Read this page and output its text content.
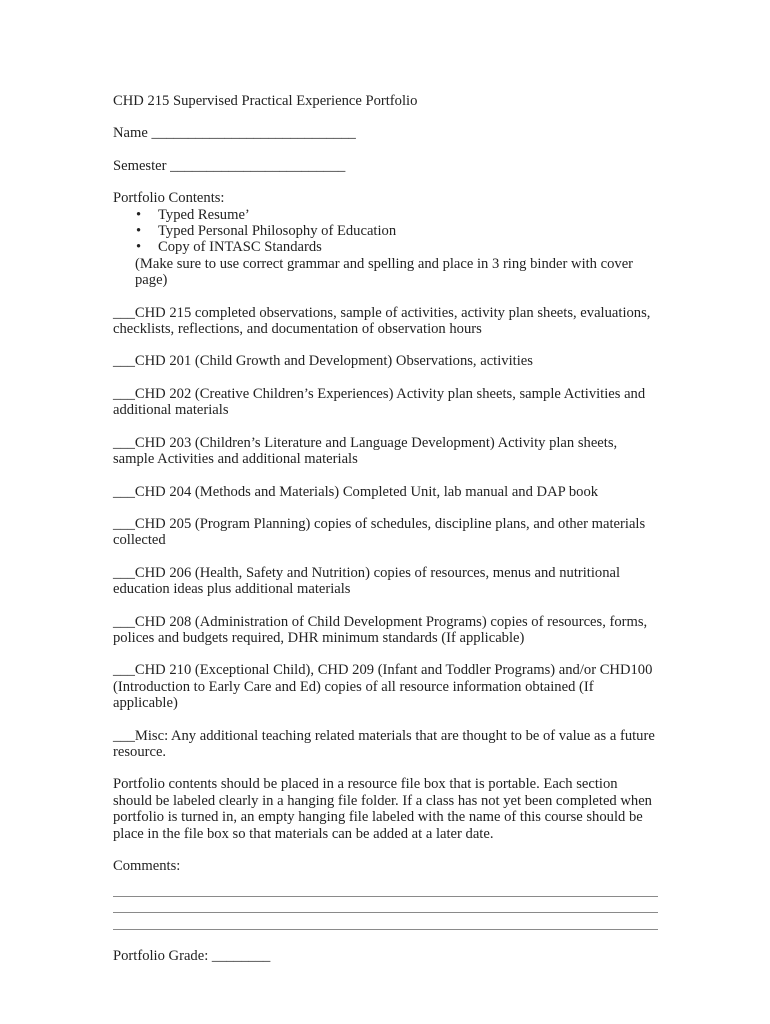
CHD 215 Supervised Practical Experience Portfolio
Name ____________________________
Semester ________________________
Portfolio Contents:
• Typed Resume’
• Typed Personal Philosophy of Education
• Copy of INTASC Standards
(Make sure to use correct grammar and spelling and place in 3 ring binder with cover page)
___CHD 215 completed observations, sample of activities, activity plan sheets, evaluations, checklists, reflections, and documentation of observation hours
___CHD 201 (Child Growth and Development) Observations, activities
___CHD 202 (Creative Children’s Experiences) Activity plan sheets, sample Activities and additional materials
___CHD 203 (Children’s Literature and Language Development) Activity plan sheets, sample Activities and additional materials
___CHD 204 (Methods and Materials) Completed Unit, lab manual and DAP book
___CHD 205 (Program Planning) copies of schedules, discipline plans, and other materials collected
___CHD 206 (Health, Safety and Nutrition) copies of resources, menus and nutritional education ideas plus additional materials
___CHD 208 (Administration of Child Development Programs) copies of resources, forms, polices and budgets required, DHR minimum standards (If applicable)
___CHD 210 (Exceptional Child), CHD 209 (Infant and Toddler Programs) and/or CHD100 (Introduction to Early Care and Ed) copies of all resource information obtained (If applicable)
___Misc: Any additional teaching related materials that are thought to be of value as a future resource.
Portfolio contents should be placed in a resource file box that is portable. Each section should be labeled clearly in a hanging file folder. If a class has not yet been completed when portfolio is turned in, an empty hanging file labeled with the name of this course should be place in the file box so that materials can be added at a later date.
Comments:
Portfolio Grade: ________
